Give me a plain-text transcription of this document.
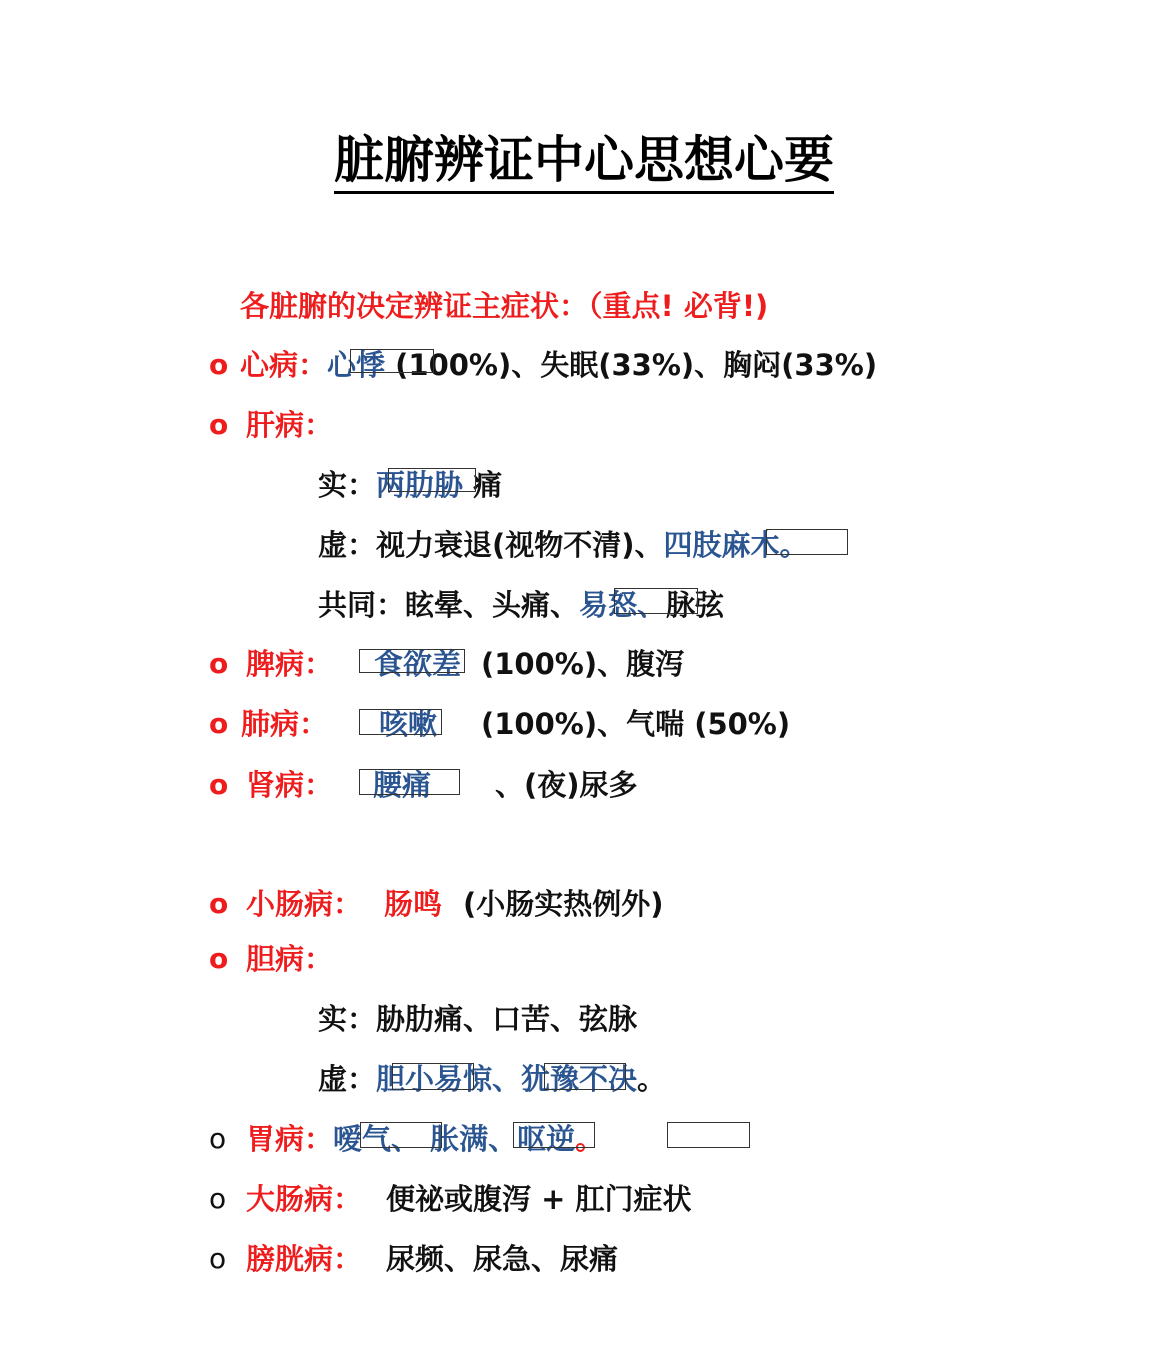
脏腑辨证中心思想心要
各脏腑的决定辨证主症状：（重点! 必背!)
o 心病：心悸 (100%)、失眠(33%)、胸闷(33%)
o 肝病：
实：两肋胁 痛
虚：视力衰退(视物不清)、四肢麻木。
共同：眩晕、头痛、易怒、脉弦
o 脾病： 食欲差 (100%)、腹泻
o 肺病： 咳嗽 (100%)、气喘 (50%)
o 肾病： 腰痛 、(夜)尿多
o 小肠病： 肠鸣 (小肠实热例外)
o 胆病：
实：胁肋痛、口苦、弦脉
虚：胆小易惊、犹豫不决。
o 胃病：嗳气、 胀满、呕逆。
o 大肠病： 便祕或腹泻 + 肛门症状
o 膀胱病： 尿频、尿急、尿痛
